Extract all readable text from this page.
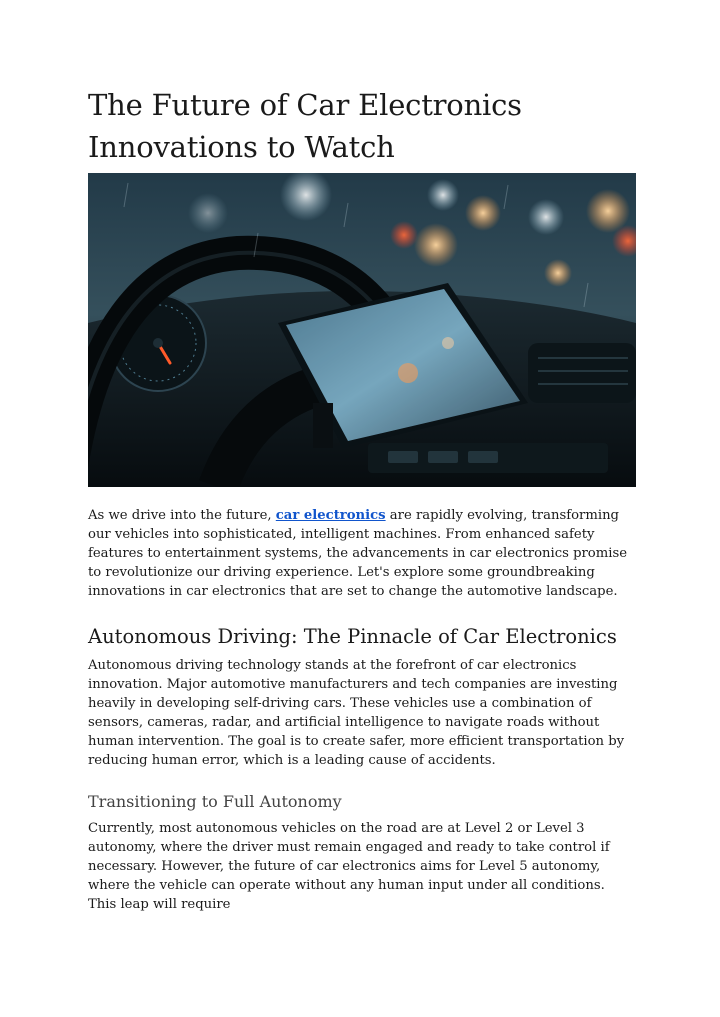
The Future of Car Electronics
Innovations to Watch

As we drive into the future, car electronics are rapidly evolving, transforming our vehicles into sophisticated, intelligent machines. From enhanced safety features to entertainment systems, the advancements in car electronics promise to revolutionize our driving experience. Let's explore some groundbreaking innovations in car electronics that are set to change the automotive landscape.

Autonomous Driving: The Pinnacle of Car Electronics

Autonomous driving technology stands at the forefront of car electronics innovation. Major automotive manufacturers and tech companies are investing heavily in developing self-driving cars. These vehicles use a combination of sensors, cameras, radar, and artificial intelligence to navigate roads without human intervention. The goal is to create safer, more efficient transportation by reducing human error, which is a leading cause of accidents.

Transitioning to Full Autonomy

Currently, most autonomous vehicles on the road are at Level 2 or Level 3 autonomy, where the driver must remain engaged and ready to take control if necessary. However, the future of car electronics aims for Level 5 autonomy, where the vehicle can operate without any human input under all conditions. This leap will require
